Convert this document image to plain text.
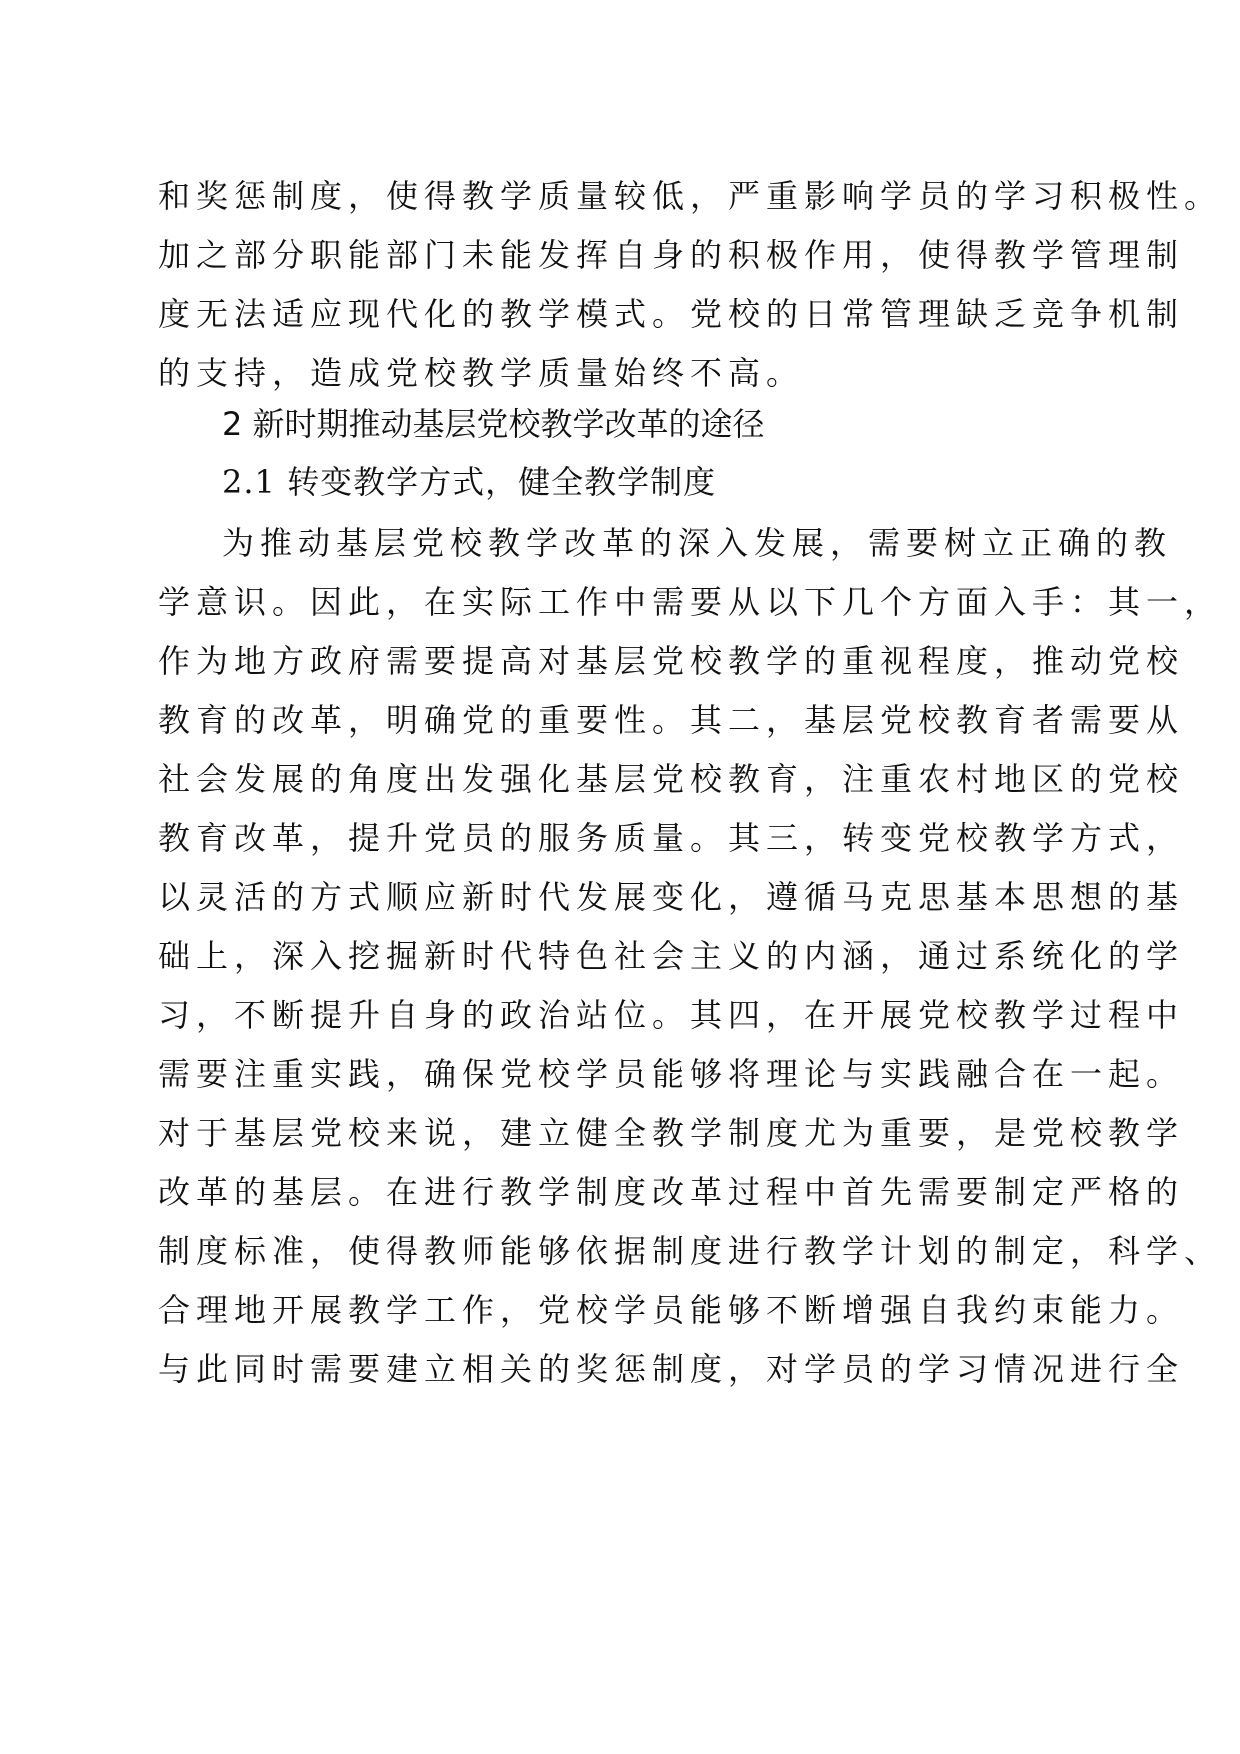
和奖惩制度，使得教学质量较低，严重影响学员的学习积极性。
加之部分职能部门未能发挥自身的积极作用，使得教学管理制
度无法适应现代化的教学模式。党校的日常管理缺乏竞争机制
的支持，造成党校教学质量始终不高。
2 新时期推动基层党校教学改革的途径
2.1 转变教学方式，健全教学制度
为推动基层党校教学改革的深入发展，需要树立正确的教
学意识。因此，在实际工作中需要从以下几个方面入手：其一，
作为地方政府需要提高对基层党校教学的重视程度，推动党校
教育的改革，明确党的重要性。其二，基层党校教育者需要从
社会发展的角度出发强化基层党校教育，注重农村地区的党校
教育改革，提升党员的服务质量。其三，转变党校教学方式，
以灵活的方式顺应新时代发展变化，遵循马克思基本思想的基
础上，深入挖掘新时代特色社会主义的内涵，通过系统化的学
习，不断提升自身的政治站位。其四，在开展党校教学过程中
需要注重实践，确保党校学员能够将理论与实践融合在一起。
对于基层党校来说，建立健全教学制度尤为重要，是党校教学
改革的基层。在进行教学制度改革过程中首先需要制定严格的
制度标准，使得教师能够依据制度进行教学计划的制定，科学、
合理地开展教学工作，党校学员能够不断增强自我约束能力。
与此同时需要建立相关的奖惩制度，对学员的学习情况进行全
